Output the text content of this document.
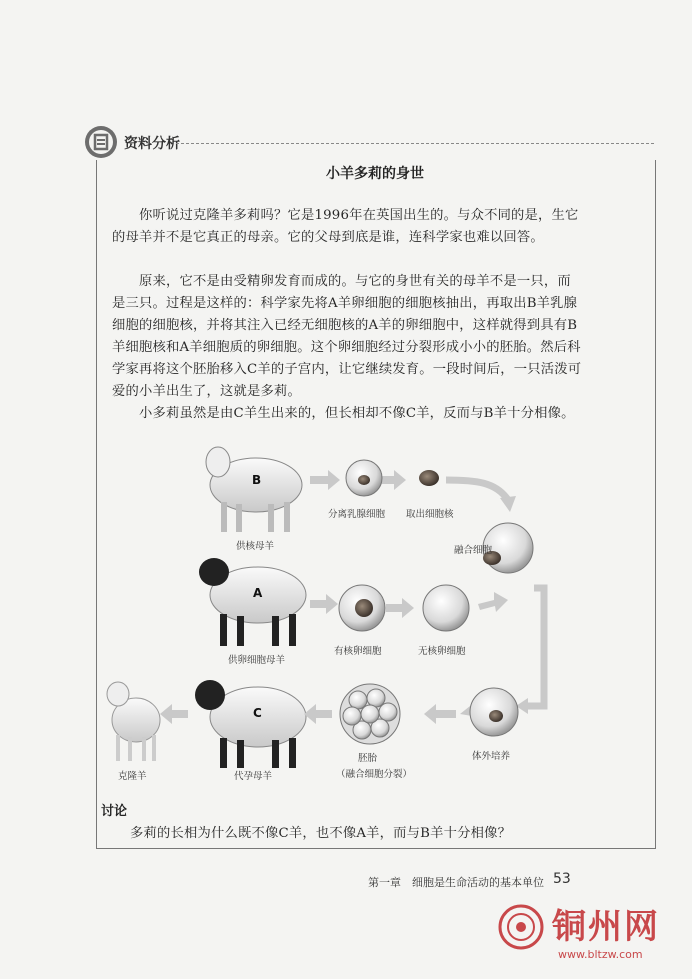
资料分析
小羊多莉的身世

你听说过克隆羊多莉吗？它是1996年在英国出生的。与众不同的是，生它的母羊并不是它真正的母亲。它的父母到底是谁，连科学家也难以回答。

原来，它不是由受精卵发育而成的。与它的身世有关的母羊不是一只，而是三只。过程是这样的：科学家先将A羊卵细胞的细胞核抽出，再取出B羊乳腺细胞的细胞核，并将其注入已经无细胞核的A羊的卵细胞中，这样就得到具有B羊细胞核和A羊细胞质的卵细胞。这个卵细胞经过分裂形成小小的胚胎。然后科学家再将这个胚胎移入C羊的子宫内，让它继续发育。一段时间后，一只活泼可爱的小羊出生了，这就是多莉。

小多莉虽然是由C羊生出来的，但长相却不像C羊，反而与B羊十分相像。

B
A
C
供核母羊
分离乳腺细胞 取出细胞核
融合细胞
供卵细胞母羊
有核卵细胞	无核卵细胞
克隆羊	代孕母羊
胚胎
（融合细胞分裂）
体外培养
讨论
多莉的长相为什么既不像C羊，也不像A羊，而与B羊十分相像？
第一章　细胞是生命活动的基本单位 53
铜州网
www.bltzw.com
